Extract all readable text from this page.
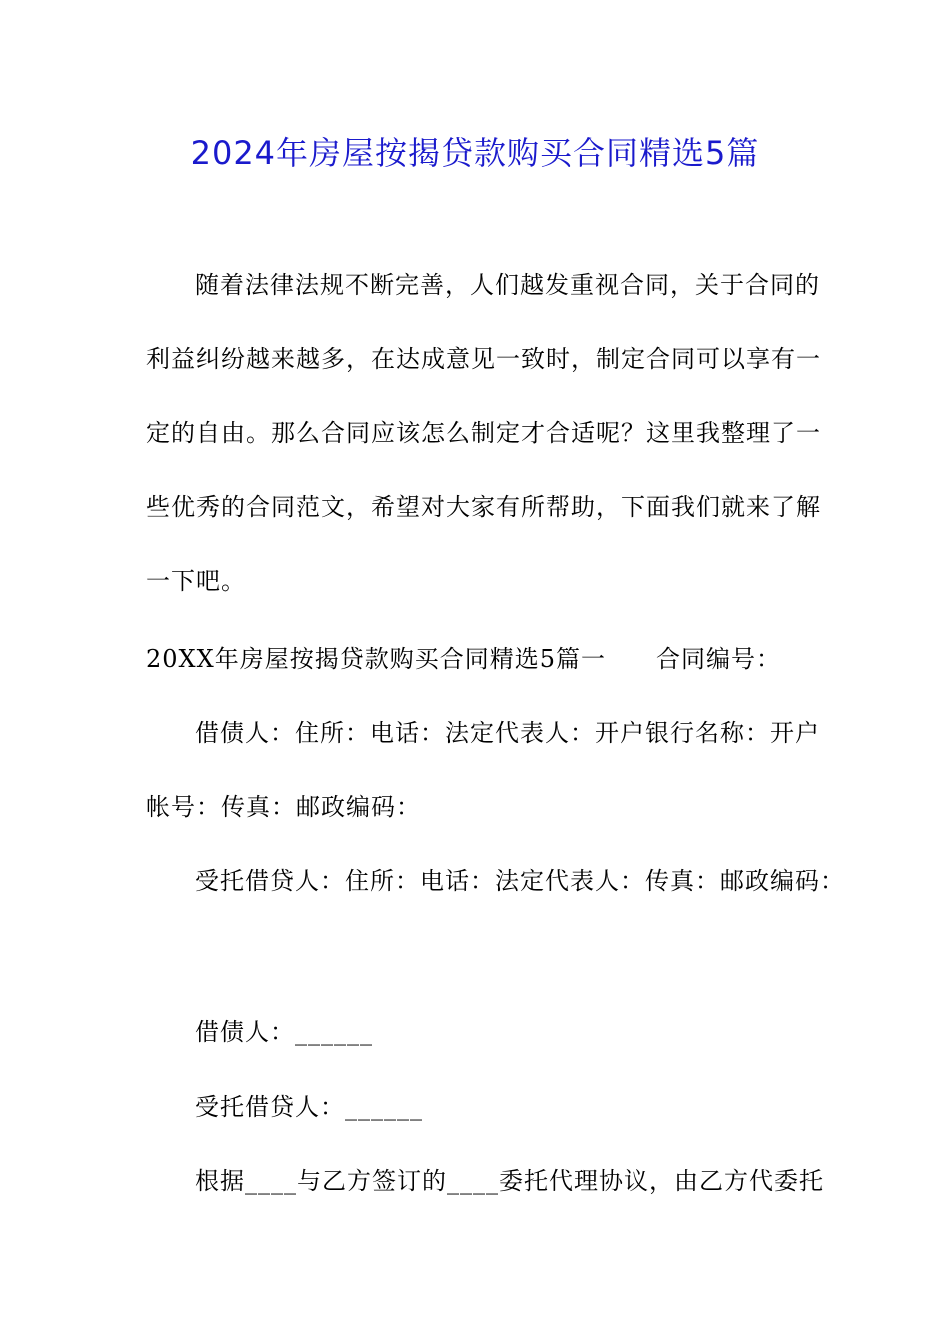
2024年房屋按揭贷款购买合同精选5篇
随着法律法规不断完善，人们越发重视合同，关于合同的
利益纠纷越来越多，在达成意见一致时，制定合同可以享有一
定的自由。那么合同应该怎么制定才合适呢？这里我整理了一
些优秀的合同范文，希望对大家有所帮助，下面我们就来了解
一下吧。
20XX年房屋按揭贷款购买合同精选5篇一 合同编号：
借债人：住所：电话：法定代表人：开户银行名称：开户
帐号：传真：邮政编码：
受托借贷人：住所：电话：法定代表人：传真：邮政编码：
借债人：______
受托借贷人：______
根据____与乙方签订的____委托代理协议，由乙方代委托
